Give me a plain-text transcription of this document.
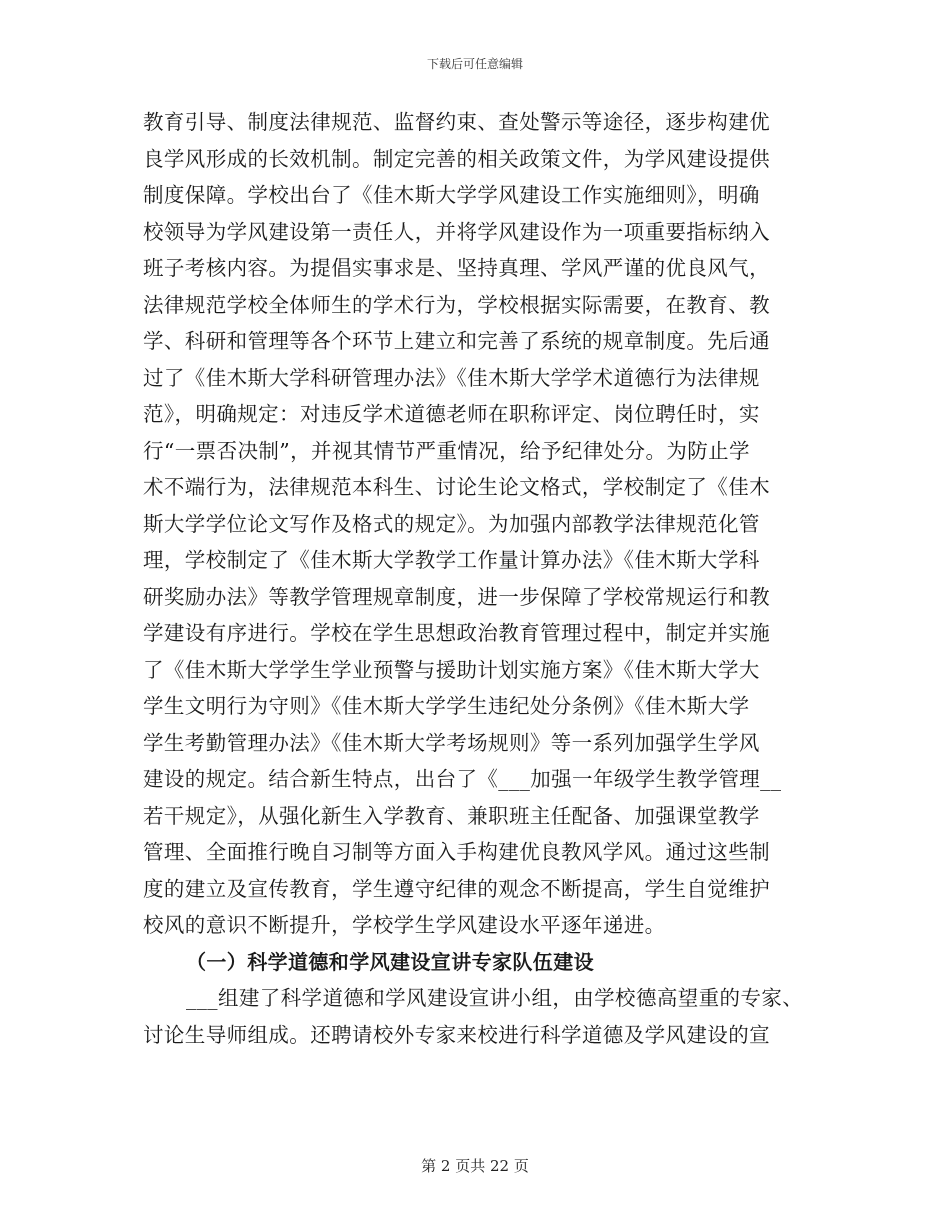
下载后可任意编辑
教育引导、制度法律规范、监督约束、查处警示等途径，逐步构建优
良学风形成的长效机制。制定完善的相关政策文件，为学风建设提供
制度保障。学校出台了《佳木斯大学学风建设工作实施细则》，明确
校领导为学风建设第一责任人，并将学风建设作为一项重要指标纳入
班子考核内容。为提倡实事求是、坚持真理、学风严谨的优良风气，
法律规范学校全体师生的学术行为，学校根据实际需要，在教育、教
学、科研和管理等各个环节上建立和完善了系统的规章制度。先后通
过了《佳木斯大学科研管理办法》《佳木斯大学学术道德行为法律规
范》，明确规定：对违反学术道德老师在职称评定、岗位聘任时，实
行“一票否决制”，并视其情节严重情况，给予纪律处分。为防止学
术不端行为，法律规范本科生、讨论生论文格式，学校制定了《佳木
斯大学学位论文写作及格式的规定》。为加强内部教学法律规范化管
理，学校制定了《佳木斯大学教学工作量计算办法》《佳木斯大学科
研奖励办法》等教学管理规章制度，进一步保障了学校常规运行和教
学建设有序进行。学校在学生思想政治教育管理过程中，制定并实施
了《佳木斯大学学生学业预警与援助计划实施方案》《佳木斯大学大
学生文明行为守则》《佳木斯大学学生违纪处分条例》《佳木斯大学
学生考勤管理办法》《佳木斯大学考场规则》等一系列加强学生学风
建设的规定。结合新生特点，出台了《___加强一年级学生教学管理__
若干规定》，从强化新生入学教育、兼职班主任配备、加强课堂教学
管理、全面推行晚自习制等方面入手构建优良教风学风。通过这些制
度的建立及宣传教育，学生遵守纪律的观念不断提高，学生自觉维护
校风的意识不断提升，学校学生学风建设水平逐年递进。
（一）科学道德和学风建设宣讲专家队伍建设
___组建了科学道德和学风建设宣讲小组，由学校德高望重的专家、
讨论生导师组成。还聘请校外专家来校进行科学道德及学风建设的宣
第 2 页共 22 页
